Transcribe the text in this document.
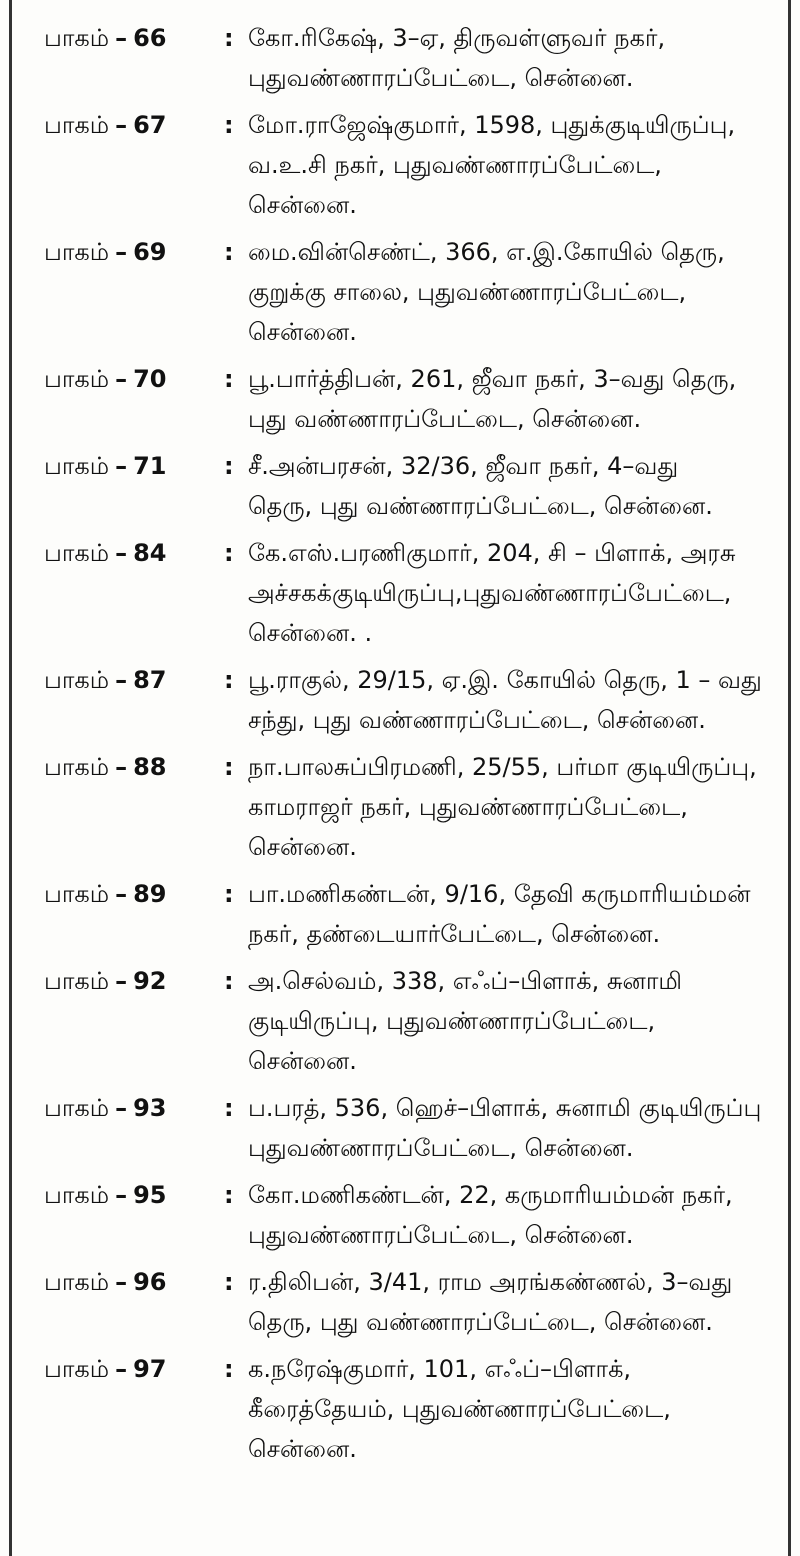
பாகம் – 66 : கோ.ரிகேஷ், 3–ஏ, திருவள்ளுவர் நகர்,
புதுவண்ணாரப்பேட்டை, சென்னை.
பாகம் – 67 : மோ.ராஜேஷ்குமார், 1598, புதுக்குடியிருப்பு,
வ.உ.சி நகர், புதுவண்ணாரப்பேட்டை,
சென்னை.
பாகம் – 69 : மை.வின்செண்ட், 366, எ.இ.கோயில் தெரு,
குறுக்கு சாலை, புதுவண்ணாரப்பேட்டை,
சென்னை.
பாகம் – 70 : பூ.பார்த்திபன், 261, ஜீவா நகர், 3–வது தெரு,
புது வண்ணாரப்பேட்டை, சென்னை.
பாகம் – 71 : சீ.அன்பரசன், 32/36, ஜீவா நகர், 4–வது
தெரு, புது வண்ணாரப்பேட்டை, சென்னை.
பாகம் – 84 : கே.எஸ்.பரணிகுமார், 204, சி – பிளாக், அரசு
அச்சகக்குடியிருப்பு,புதுவண்ணாரப்பேட்டை,
சென்னை. .
பாகம் – 87 : பூ.ராகுல், 29/15, ஏ.இ. கோயில் தெரு, 1 – வது
சந்து, புது வண்ணாரப்பேட்டை, சென்னை.
பாகம் – 88 : நா.பாலசுப்பிரமணி, 25/55, பர்மா குடியிருப்பு,
காமராஜர் நகர், புதுவண்ணாரப்பேட்டை,
சென்னை.
பாகம் – 89 : பா.மணிகண்டன், 9/16, தேவி கருமாரியம்மன்
நகர், தண்டையார்பேட்டை, சென்னை.
பாகம் – 92 : அ.செல்வம், 338, எஃப்–பிளாக், சுனாமி
குடியிருப்பு, புதுவண்ணாரப்பேட்டை,
சென்னை.
பாகம் – 93 : ப.பரத், 536, ஹெச்–பிளாக், சுனாமி குடியிருப்பு
புதுவண்ணாரப்பேட்டை, சென்னை.
பாகம் – 95 : கோ.மணிகண்டன், 22, கருமாரியம்மன் நகர்,
புதுவண்ணாரப்பேட்டை, சென்னை.
பாகம் – 96 : ர.திலிபன், 3/41, ராம அரங்கண்ணல், 3–வது
தெரு, புது வண்ணாரப்பேட்டை, சென்னை.
பாகம் – 97 : க.நரேஷ்குமார், 101, எஃப்–பிளாக்,
கீரைத்தேயம், புதுவண்ணாரப்பேட்டை,
சென்னை.
